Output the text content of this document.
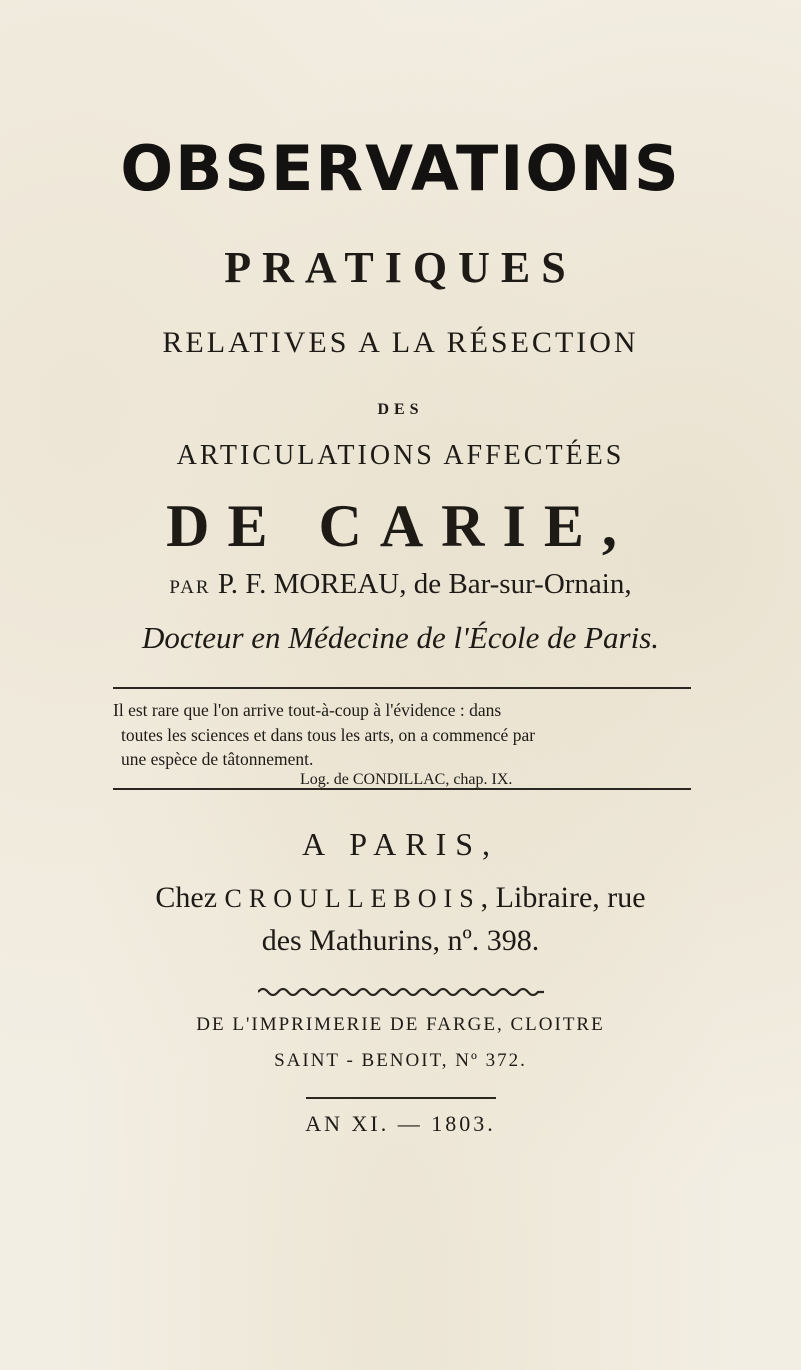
OBSERVATIONS
PRATIQUES
RELATIVES A LA RÉSECTION
DES
ARTICULATIONS AFFECTÉES
DE CARIE,
PAR P. F. MOREAU, de Bar-sur-Ornain,
Docteur en Médecine de l'École de Paris.
Il est rare que l'on arrive tout-à-coup à l'évidence : dans
toutes les sciences et dans tous les arts, on a commencé par
une espèce de tâtonnement.
Log. de CONDILLAC, chap. IX.
A PARIS,
Chez CROULLEBOIS, Libraire, rue
des Mathurins, nº. 398.
DE L'IMPRIMERIE DE FARGE, CLOITRE
SAINT - BENOIT, Nº 372.
AN XI. — 1803.
